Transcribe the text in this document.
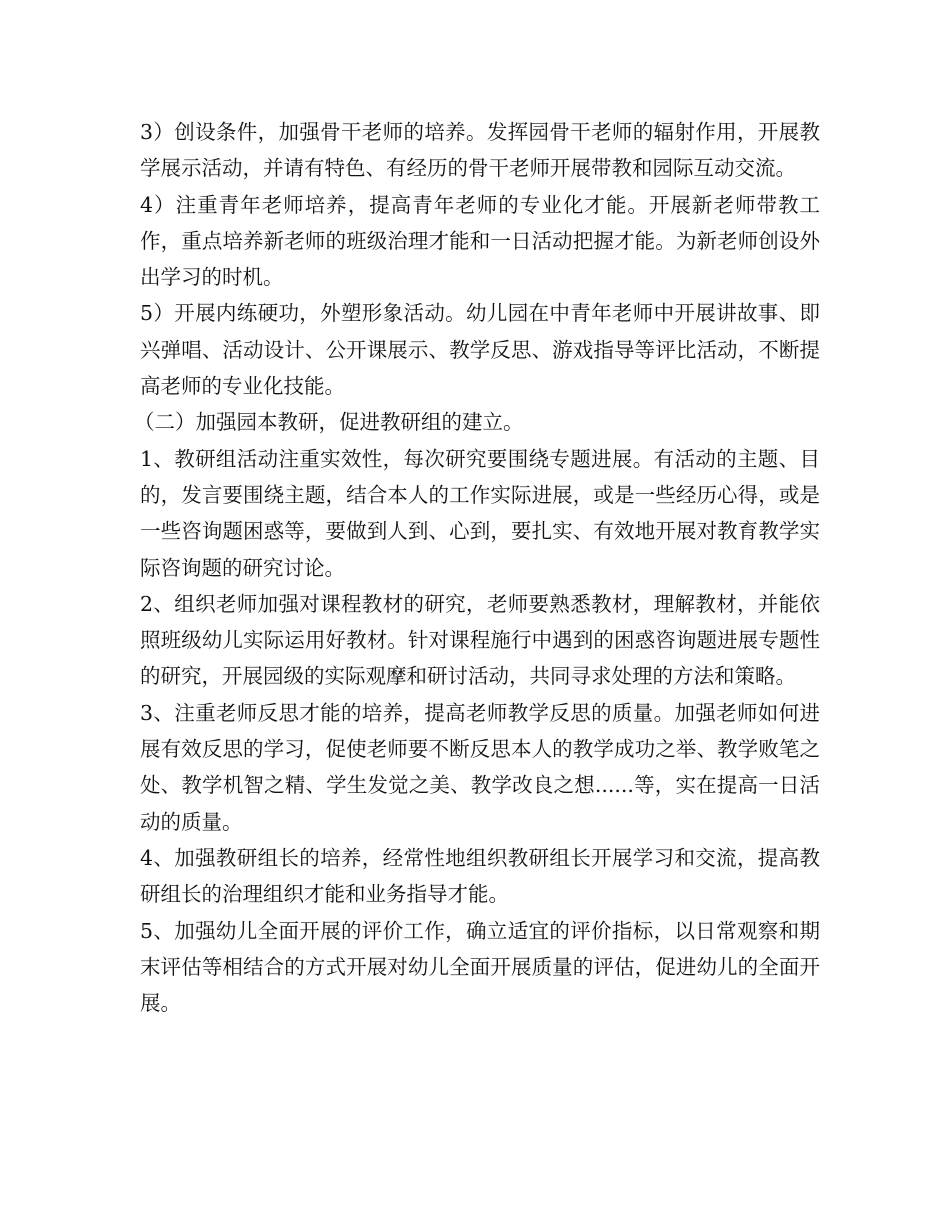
3）创设条件，加强骨干老师的培养。发挥园骨干老师的辐射作用，开展教学展示活动，并请有特色、有经历的骨干老师开展带教和园际互动交流。

4）注重青年老师培养，提高青年老师的专业化才能。开展新老师带教工作，重点培养新老师的班级治理才能和一日活动把握才能。为新老师创设外出学习的时机。

5）开展内练硬功，外塑形象活动。幼儿园在中青年老师中开展讲故事、即兴弹唱、活动设计、公开课展示、教学反思、游戏指导等评比活动，不断提高老师的专业化技能。

（二）加强园本教研，促进教研组的建立。

1、教研组活动注重实效性，每次研究要围绕专题进展。有活动的主题、目的，发言要围绕主题，结合本人的工作实际进展，或是一些经历心得，或是一些咨询题困惑等，要做到人到、心到，要扎实、有效地开展对教育教学实际咨询题的研究讨论。

2、组织老师加强对课程教材的研究，老师要熟悉教材，理解教材，并能依照班级幼儿实际运用好教材。针对课程施行中遇到的困惑咨询题进展专题性的研究，开展园级的实际观摩和研讨活动，共同寻求处理的方法和策略。

3、注重老师反思才能的培养，提高老师教学反思的质量。加强老师如何进展有效反思的学习，促使老师要不断反思本人的教学成功之举、教学败笔之处、教学机智之精、学生发觉之美、教学改良之想......等，实在提高一日活动的质量。

4、加强教研组长的培养，经常性地组织教研组长开展学习和交流，提高教研组长的治理组织才能和业务指导才能。

5、加强幼儿全面开展的评价工作，确立适宜的评价指标，以日常观察和期末评估等相结合的方式开展对幼儿全面开展质量的评估，促进幼儿的全面开展。
